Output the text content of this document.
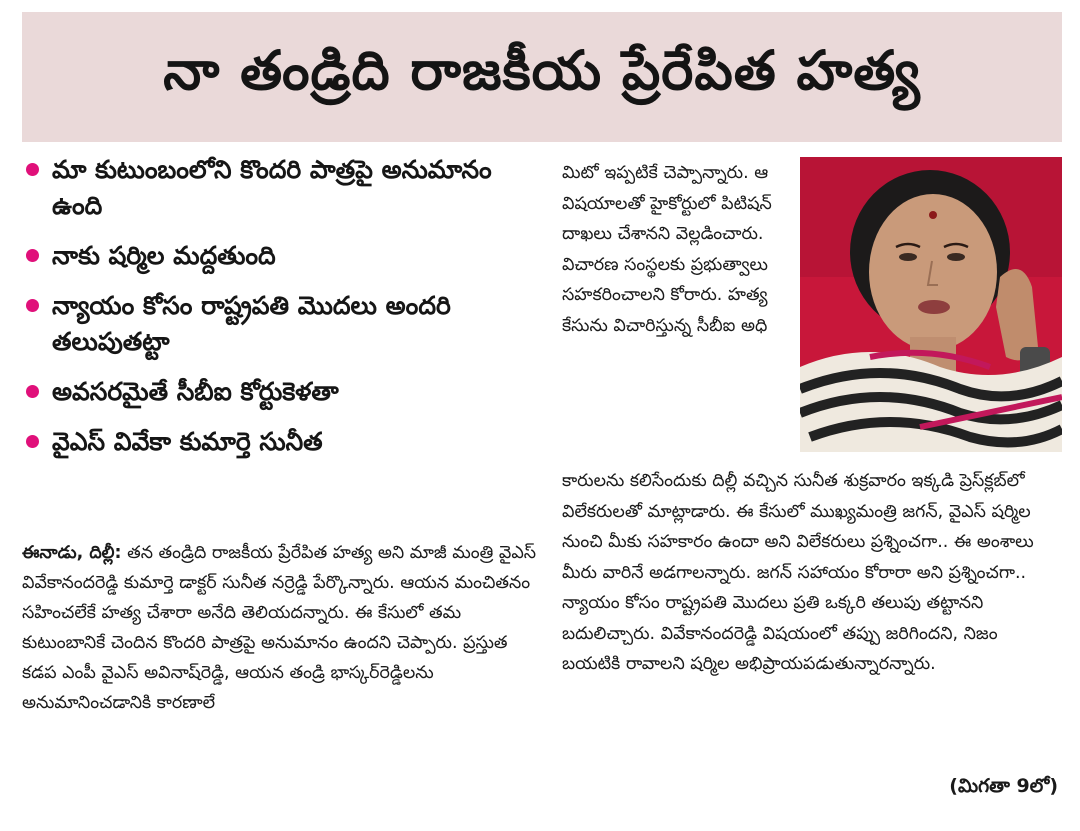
నా తండ్రిది రాజకీయ ప్రేరేపిత హత్య
మా కుటుంబంలోని కొందరి పాత్రపై అనుమానం ఉంది
నాకు షర్మిల మద్దతుంది
న్యాయం కోసం రాష్ట్రపతి మొదలు అందరి తలుపుతట్టా
అవసరమైతే సీబీఐ కోర్టుకెళతా
వైఎస్‌ వివేకా కుమార్తె సునీత
ఈనాడు, దిల్లీ: తన తండ్రిది రాజకీయ ప్రేరేపిత హత్య అని మాజీ మంత్రి వైఎస్‌ వివేకానందరెడ్డి కుమార్తె డాక్టర్‌ సునీత నర్రెడ్డి పేర్కొన్నారు. ఆయన మంచితనం సహించలేకే హత్య చేశారా అనేది తెలియదన్నారు. ఈ కేసులో తమ కుటుంబానికే చెందిన కొందరి పాత్రపై అనుమానం ఉందని చెప్పారు. ప్రస్తుత కడప ఎంపీ వైఎస్‌ అవినాష్‌రెడ్డి, ఆయన తండ్రి భాస్కర్‌రెడ్డిలను అనుమానించడానికి కారణాలే
మిటో ఇప్పటికే చెప్పాన్నారు. ఆ విషయాలతో హైకోర్టులో పిటిషన్‌ దాఖలు చేశానని వెల్లడించారు. విచారణ సంస్థలకు ప్రభుత్వాలు సహకరించాలని కోరారు. హత్య కేసును విచారిస్తున్న సీబీఐ అధి
కారులను కలిసేందుకు దిల్లీ వచ్చిన సునీత శుక్రవారం ఇక్కడి ప్రెస్‌క్లబ్‌లో విలేకరులతో మాట్లాడారు. ఈ కేసులో ముఖ్యమంత్రి జగన్‌, వైఎస్‌ షర్మిల నుంచి మీకు సహకారం ఉందా అని విలేకరులు ప్రశ్నించగా.. ఈ అంశాలు మీరు వారినే అడగాలన్నారు. జగన్‌ సహాయం కోరారా అని ప్రశ్నించగా.. న్యాయం కోసం రాష్ట్రపతి మొదలు ప్రతి ఒక్కరి తలుపు తట్టానని బదులిచ్చారు. వివేకానందరెడ్డి విషయంలో తప్పు జరిగిందని, నిజం బయటికి రావాలని షర్మిల అభిప్రాయపడుతున్నారన్నారు.
(మిగతా 9లో)
